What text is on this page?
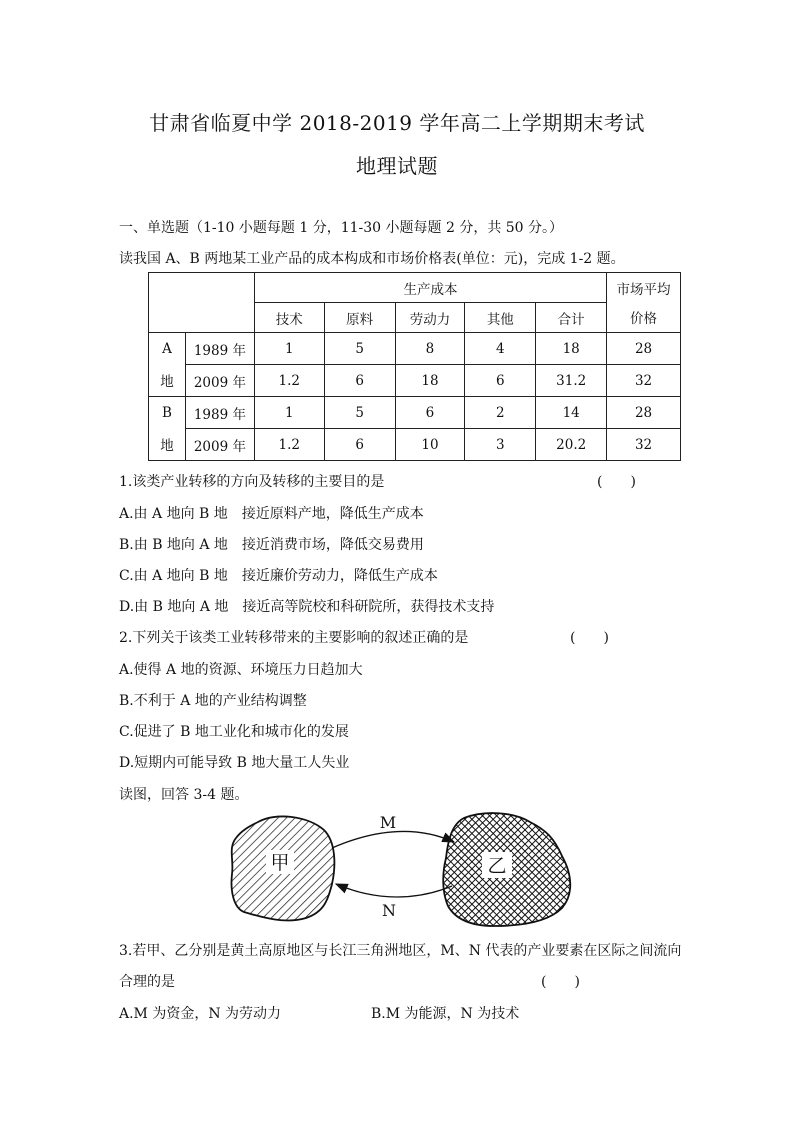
甘肃省临夏中学 2018-2019 学年高二上学期期末考试
地理试题
一、单选题（1-10 小题每题 1 分，11-30 小题每题 2 分，共 50 分。）
读我国 A、B 两地某工业产品的成本构成和市场价格表(单位：元)，完成 1-2 题。
		生产成本					市场平均
		技术	原料	劳动力	其他	合计	价格
A	1989 年	1	5	8	4	18	28
地	2009 年	1.2	6	18	6	31.2	32
B	1989 年	1	5	6	2	14	28
地	2009 年	1.2	6	10	3	20.2	32
1.该类产业转移的方向及转移的主要目的是	(　　)
A.由 A 地向 B 地　接近原料产地，降低生产成本
B.由 B 地向 A 地　接近消费市场，降低交易费用
C.由 A 地向 B 地　接近廉价劳动力，降低生产成本
D.由 B 地向 A 地　接近高等院校和科研院所，获得技术支持
2.下列关于该类工业转移带来的主要影响的叙述正确的是	(　　)
A.使得 A 地的资源、环境压力日趋加大
B.不利于 A 地的产业结构调整
C.促进了 B 地工业化和城市化的发展
D.短期内可能导致 B 地大量工人失业
读图，回答 3-4 题。
甲	乙
M
N
3.若甲、乙分别是黄土高原地区与长江三角洲地区，M、N 代表的产业要素在区际之间流向
合理的是	(　　)
A.M 为资金，N 为劳动力	B.M 为能源，N 为技术
